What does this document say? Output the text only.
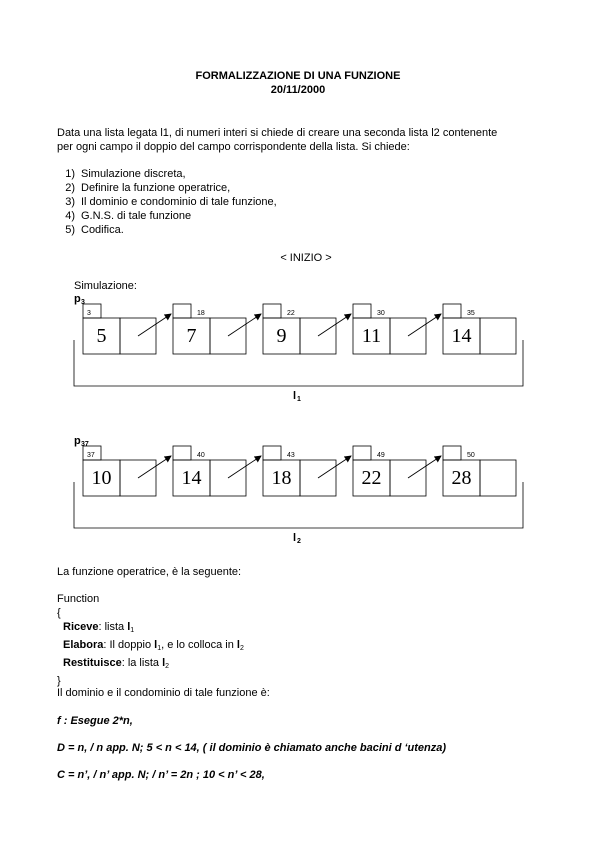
FORMALIZZAZIONE DI UNA FUNZIONE
20/11/2000
Data una lista legata l1, di numeri interi si chiede di creare una seconda lista l2 contenente
per ogni campo il doppio del campo corrispondente della lista. Si chiede:
1) Simulazione discreta,
2) Definire la funzione operatrice,
3) Il dominio e condominio di tale funzione,
4) G.N.S. di tale funzione
5) Codifica.
< INIZIO >
Simulazione:
p 3
3
5
18
7
22
9
30
11
35
14
l 1
p 37
37
10
40
14
43
18
49
22
50
28
l 2
La funzione operatrice, è la seguente:
Function
{
Riceve: lista $l_1$
Elabora: Il doppio $l_1$, e lo colloca in $l_2$
Restituisce: la lista $l_2$
}
Il dominio e il condominio di tale funzione è:
f : Esegue 2*n,
D = n, / n app. N; 5 < n < 14, ( il dominio è chiamato anche bacini d ‘utenza)
C = n’, / n’ app. N; / n’ = 2n ; 10 < n’ < 28,
